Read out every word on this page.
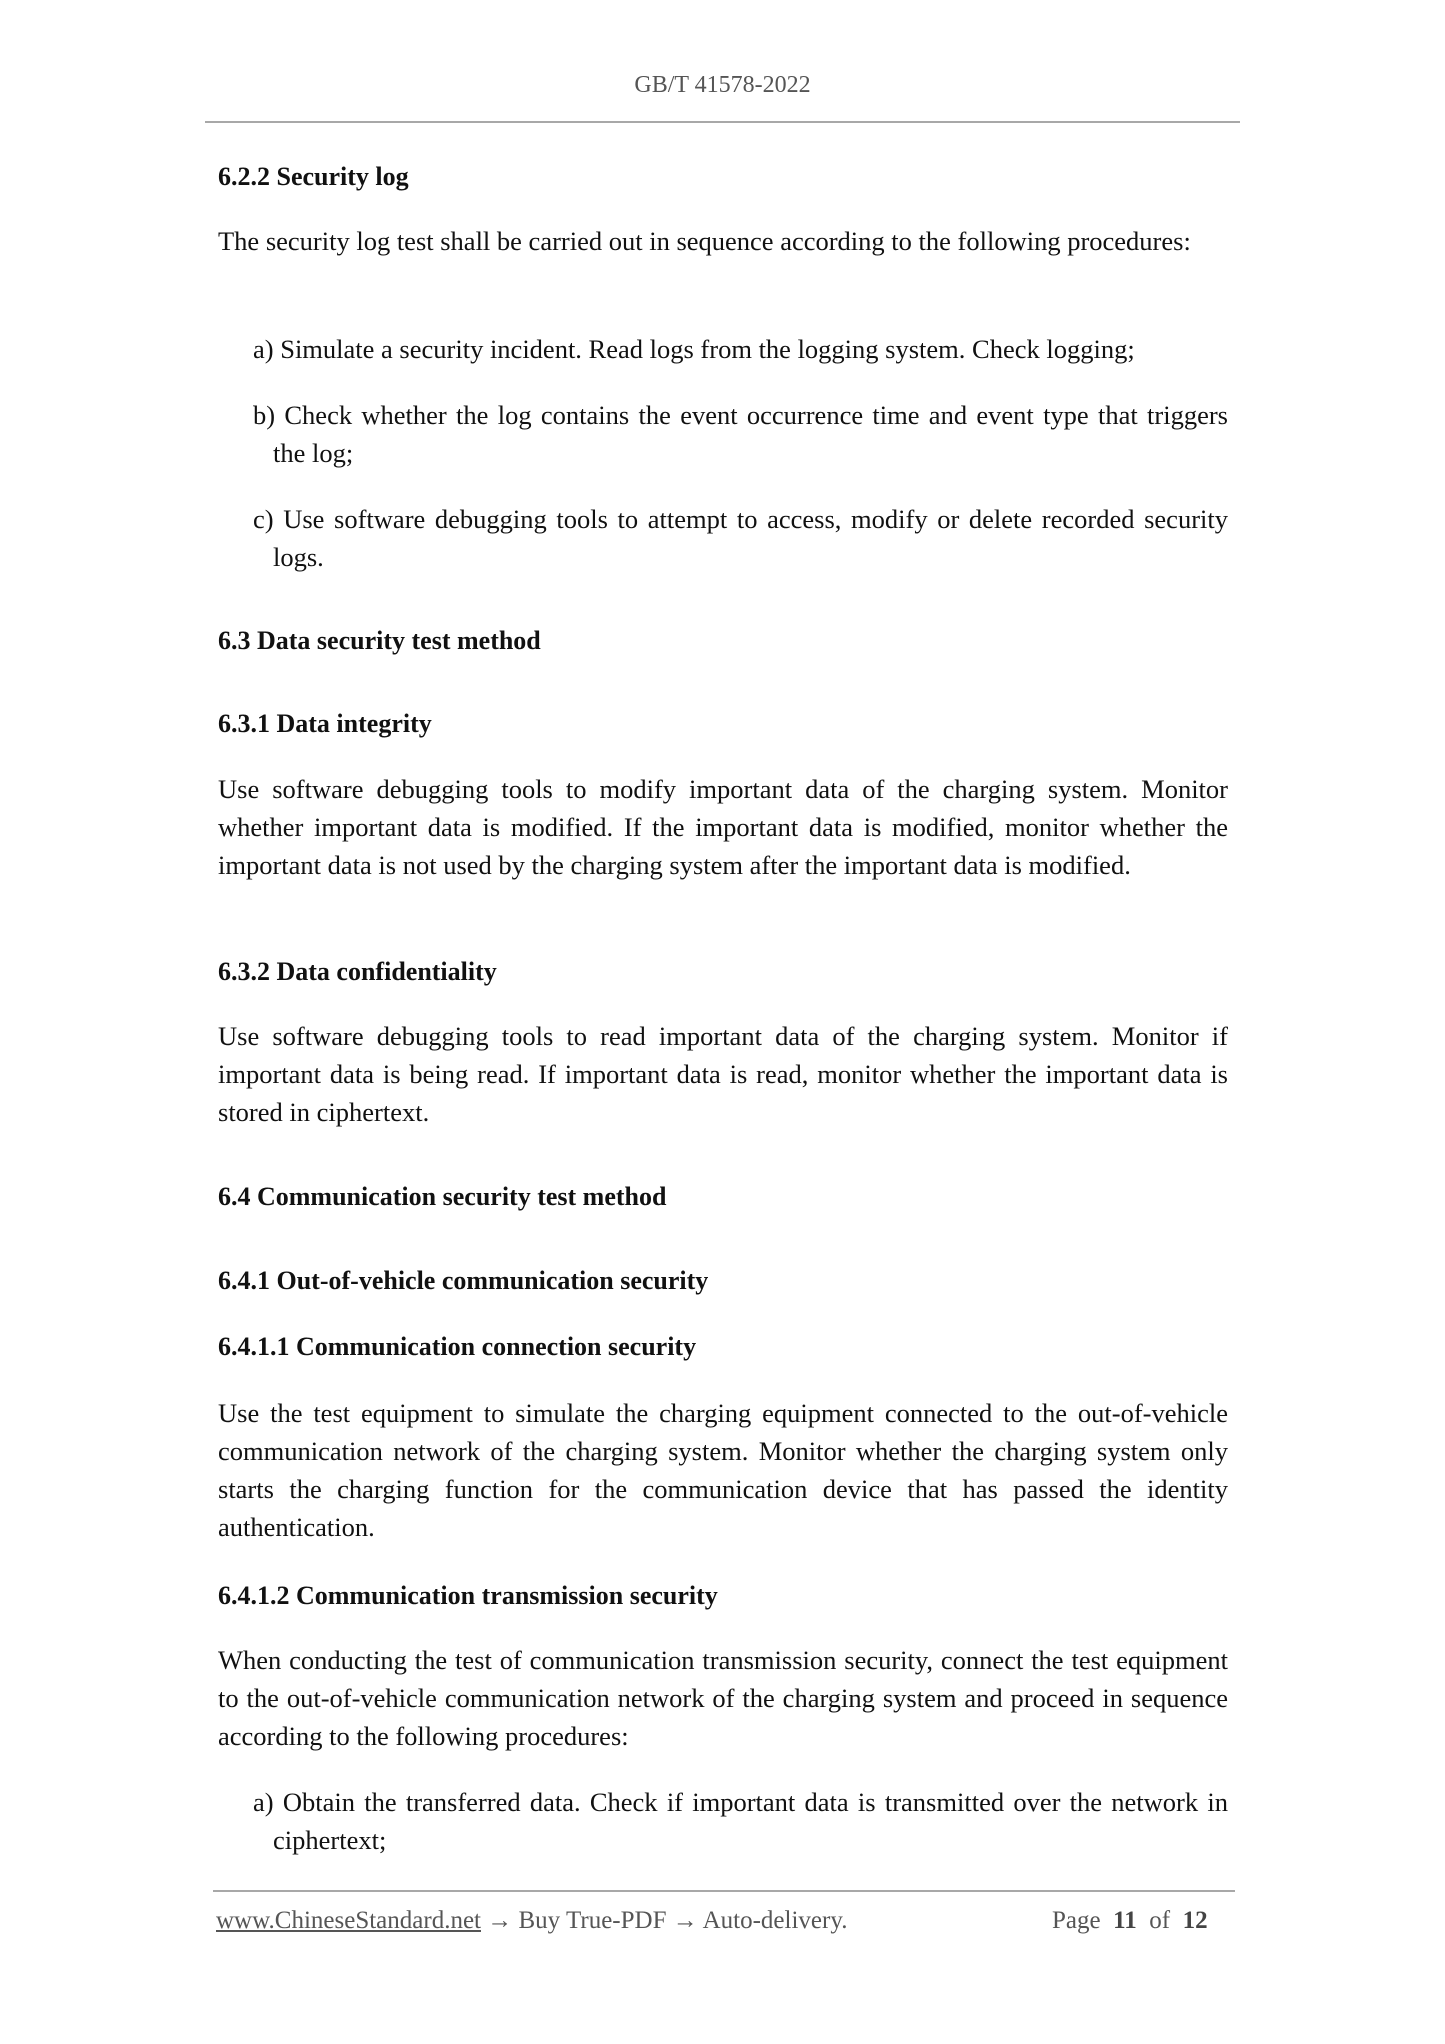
GB/T 41578-2022
6.2.2 Security log
The security log test shall be carried out in sequence according to the following procedures:
a) Simulate a security incident. Read logs from the logging system. Check logging;
b) Check whether the log contains the event occurrence time and event type that triggers the log;
c) Use software debugging tools to attempt to access, modify or delete recorded security logs.
6.3 Data security test method
6.3.1 Data integrity
Use software debugging tools to modify important data of the charging system. Monitor whether important data is modified. If the important data is modified, monitor whether the important data is not used by the charging system after the important data is modified.
6.3.2 Data confidentiality
Use software debugging tools to read important data of the charging system. Monitor if important data is being read. If important data is read, monitor whether the important data is stored in ciphertext.
6.4 Communication security test method
6.4.1 Out-of-vehicle communication security
6.4.1.1 Communication connection security
Use the test equipment to simulate the charging equipment connected to the out-of-vehicle communication network of the charging system. Monitor whether the charging system only starts the charging function for the communication device that has passed the identity authentication.
6.4.1.2 Communication transmission security
When conducting the test of communication transmission security, connect the test equipment to the out-of-vehicle communication network of the charging system and proceed in sequence according to the following procedures:
a) Obtain the transferred data. Check if important data is transmitted over the network in ciphertext;
www.ChineseStandard.net → Buy True-PDF → Auto-delivery.	Page 11 of 12
